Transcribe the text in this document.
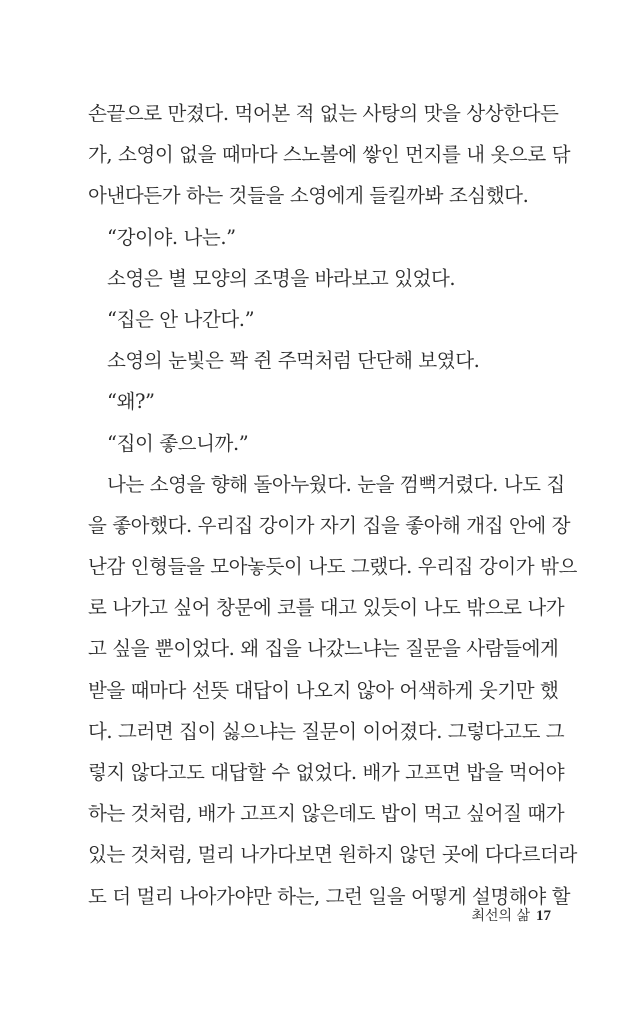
손끝으로 만졌다. 먹어본 적 없는 사탕의 맛을 상상한다든
가, 소영이 없을 때마다 스노볼에 쌓인 먼지를 내 옷으로 닦
아낸다든가 하는 것들을 소영에게 들킬까봐 조심했다.
“강이야. 나는.”
소영은 별 모양의 조명을 바라보고 있었다.
“집은 안 나간다.”
소영의 눈빛은 꽉 쥔 주먹처럼 단단해 보였다.
“왜?”
“집이 좋으니까.”
나는 소영을 향해 돌아누웠다. 눈을 껌뻑거렸다. 나도 집
을 좋아했다. 우리집 강이가 자기 집을 좋아해 개집 안에 장
난감 인형들을 모아놓듯이 나도 그랬다. 우리집 강이가 밖으
로 나가고 싶어 창문에 코를 대고 있듯이 나도 밖으로 나가
고 싶을 뿐이었다. 왜 집을 나갔느냐는 질문을 사람들에게
받을 때마다 선뜻 대답이 나오지 않아 어색하게 웃기만 했
다. 그러면 집이 싫으냐는 질문이 이어졌다. 그렇다고도 그
렇지 않다고도 대답할 수 없었다. 배가 고프면 밥을 먹어야
하는 것처럼, 배가 고프지 않은데도 밥이 먹고 싶어질 때가
있는 것처럼, 멀리 나가다보면 원하지 않던 곳에 다다르더라
도 더 멀리 나아가야만 하는, 그런 일을 어떻게 설명해야 할
최선의 삶 17
